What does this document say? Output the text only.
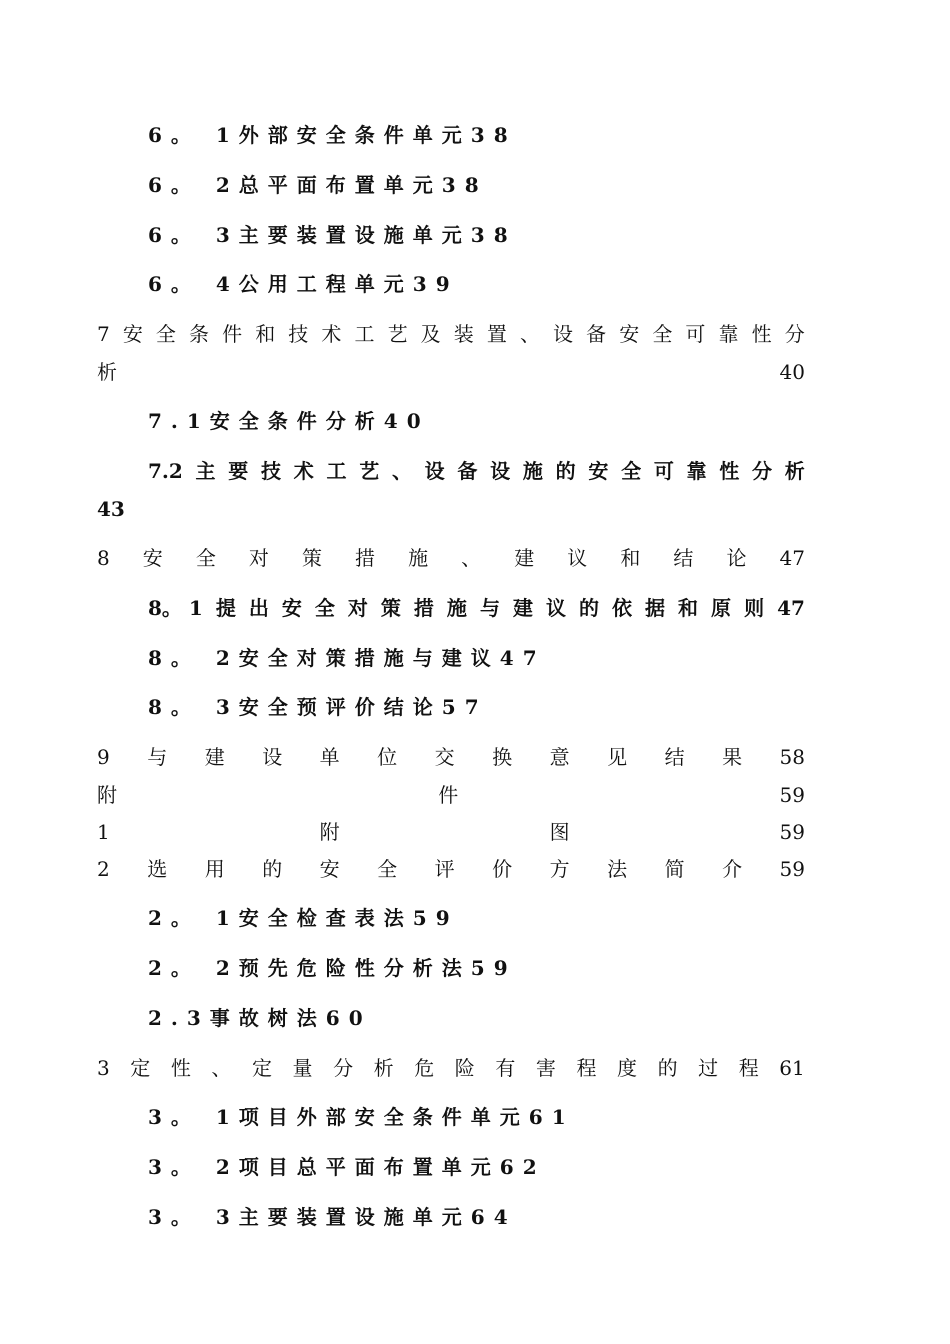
6。 1外部安全条件单元38
6。 2总平面布置单元38
6。 3主要装置设施单元38
6。 4公用工程单元39
7 安 全 条 件 和 技 术 工 艺 及 装 置 、 设 备 安 全 可 靠 性 分
析	40
7.1安全条件分析40
7.2 主 要 技 术 工 艺 、 设 备 设 施 的 安 全 可 靠 性 分 析
43
8 安 全 对 策 措 施 、 建 议 和 结 论 47
8。 1 提 出 安 全 对 策 措 施 与 建 议 的 依 据 和 原 则 47
8。 2安全对策措施与建议47
8。 3安全预评价结论57
9 与 建 设 单 位 交 换 意 见 结 果 58
附	件	59
1	附	图	59
2 选 用 的 安 全 评 价 方 法 简 介 59
2。 1安全检查表法59
2。 2预先危险性分析法59
2.3事故树法60
3 定 性 、 定 量 分 析 危 险 有 害 程 度 的 过 程 61
3。 1项目外部安全条件单元61
3。 2项目总平面布置单元62
3。 3主要装置设施单元64
